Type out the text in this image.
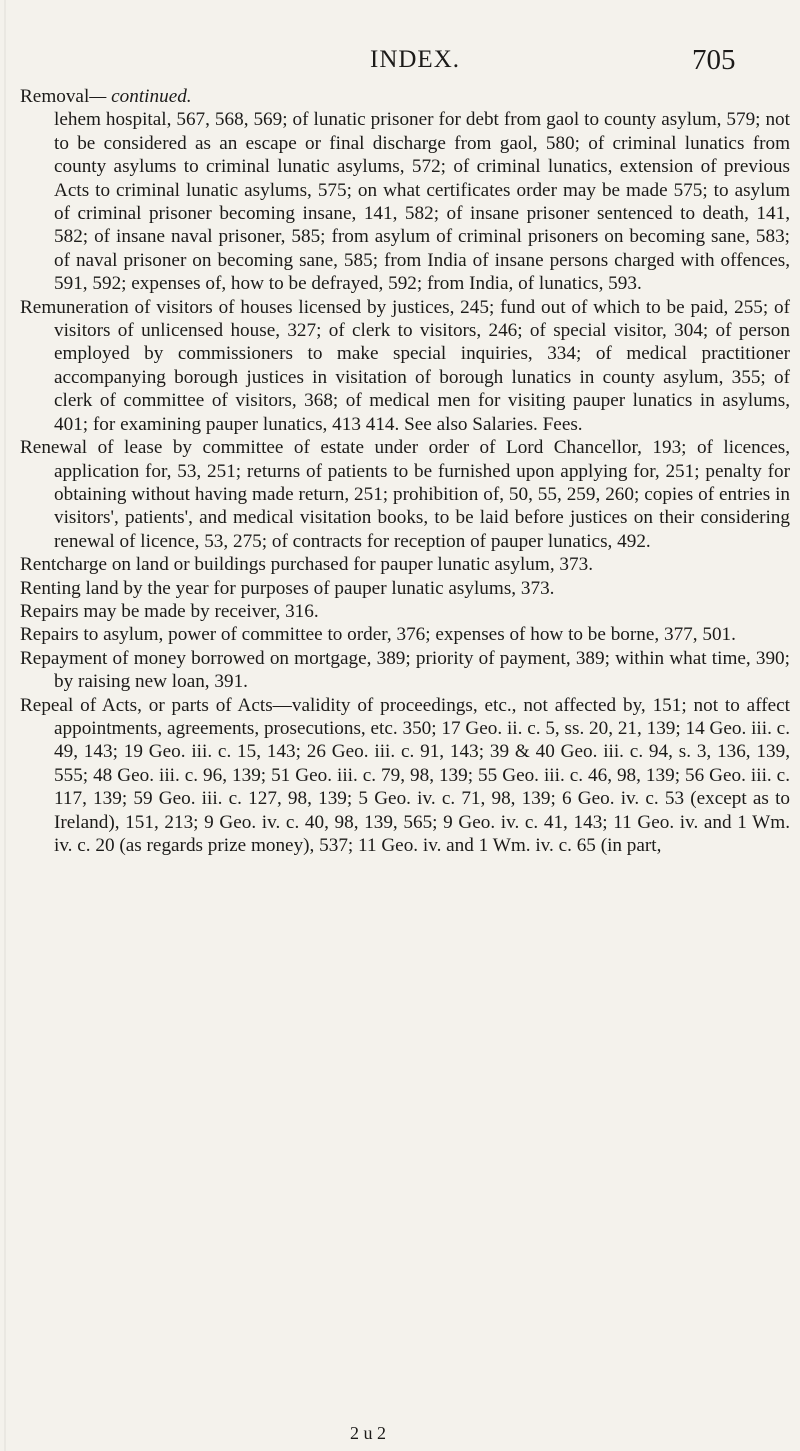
INDEX.	705

Removal— continued.

lehem hospital, 567, 568, 569; of lunatic prisoner for debt from gaol to county asylum, 579; not to be considered as an escape or final discharge from gaol, 580; of criminal lunatics from county asylums to criminal lunatic asylums, 572; of criminal lunatics, extension of previous Acts to criminal lunatic asylums, 575; on what certificates order may be made 575; to asylum of criminal prisoner becoming insane, 141, 582; of insane prisoner sentenced to death, 141, 582; of insane naval prisoner, 585; from asylum of criminal prisoners on becoming sane, 583; of naval prisoner on becoming sane, 585; from India of insane persons charged with offences, 591, 592; expenses of, how to be defrayed, 592; from India, of lunatics, 593.

Remuneration of visitors of houses licensed by justices, 245; fund out of which to be paid, 255; of visitors of unlicensed house, 327; of clerk to visitors, 246; of special visitor, 304; of person employed by commissioners to make special inquiries, 334; of medical practitioner accompanying borough justices in visitation of borough lunatics in county asylum, 355; of clerk of committee of visitors, 368; of medical men for visiting pauper lunatics in asylums, 401; for examining pauper lunatics, 413 414. See also Salaries. Fees.

Renewal of lease by committee of estate under order of Lord Chancellor, 193; of licences, application for, 53, 251; returns of patients to be furnished upon applying for, 251; penalty for obtaining without having made return, 251; prohibition of, 50, 55, 259, 260; copies of entries in visitors', patients', and medical visitation books, to be laid before justices on their considering renewal of licence, 53, 275; of contracts for reception of pauper lunatics, 492.

Rentcharge on land or buildings purchased for pauper lunatic asylum, 373.

Renting land by the year for purposes of pauper lunatic asylums, 373.

Repairs may be made by receiver, 316.

Repairs to asylum, power of committee to order, 376; expenses of how to be borne, 377, 501.

Repayment of money borrowed on mortgage, 389; priority of payment, 389; within what time, 390; by raising new loan, 391.

Repeal of Acts, or parts of Acts—validity of proceedings, etc., not affected by, 151; not to affect appointments, agreements, prosecutions, etc. 350; 17 Geo. ii. c. 5, ss. 20, 21, 139; 14 Geo. iii. c. 49, 143; 19 Geo. iii. c. 15, 143; 26 Geo. iii. c. 91, 143; 39 & 40 Geo. iii. c. 94, s. 3, 136, 139, 555; 48 Geo. iii. c. 96, 139; 51 Geo. iii. c. 79, 98, 139; 55 Geo. iii. c. 46, 98, 139; 56 Geo. iii. c. 117, 139; 59 Geo. iii. c. 127, 98, 139; 5 Geo. iv. c. 71, 98, 139; 6 Geo. iv. c. 53 (except as to Ireland), 151, 213; 9 Geo. iv. c. 40, 98, 139, 565; 9 Geo. iv. c. 41, 143; 11 Geo. iv. and 1 Wm. iv. c. 20 (as regards prize money), 537; 11 Geo. iv. and 1 Wm. iv. c. 65 (in part,

2 u 2
